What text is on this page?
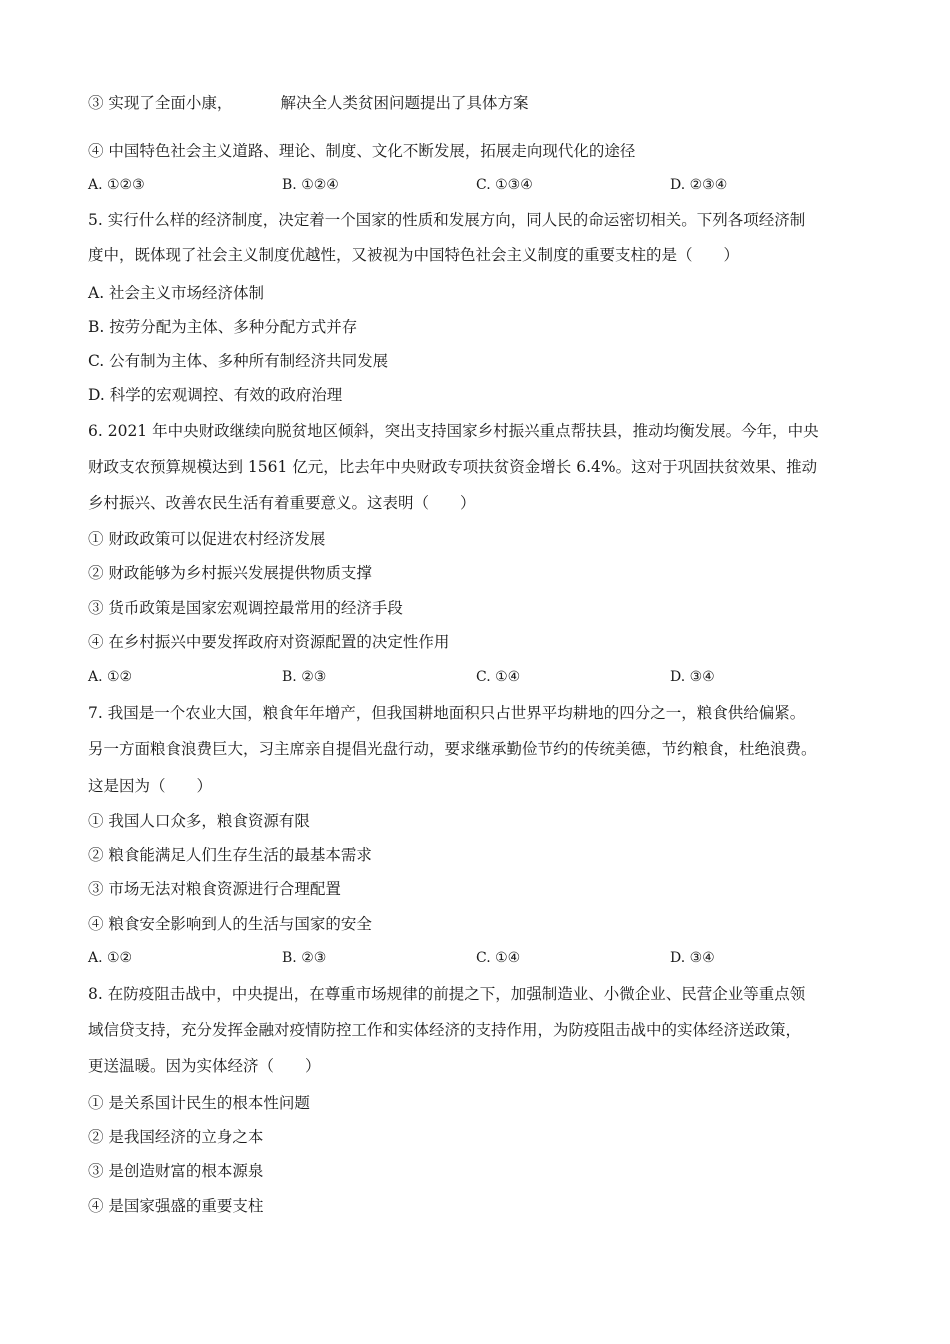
③ 实现了全面小康，	解决全人类贫困问题提出了具体方案
④ 中国特色社会主义道路、理论、制度、文化不断发展，拓展走向现代化的途径
A. ①②③	B. ①②④	C. ①③④	D. ②③④
5. 实行什么样的经济制度，决定着一个国家的性质和发展方向，同人民的命运密切相关。下列各项经济制
度中，既体现了社会主义制度优越性，又被视为中国特色社会主义制度的重要支柱的是（　　）
A. 社会主义市场经济体制
B. 按劳分配为主体、多种分配方式并存
C. 公有制为主体、多种所有制经济共同发展
D. 科学的宏观调控、有效的政府治理
6. 2021 年中央财政继续向脱贫地区倾斜，突出支持国家乡村振兴重点帮扶县，推动均衡发展。今年，中央
财政支农预算规模达到 1561 亿元，比去年中央财政专项扶贫资金增长 6.4%。这对于巩固扶贫效果、推动
乡村振兴、改善农民生活有着重要意义。这表明（　　）
① 财政政策可以促进农村经济发展
② 财政能够为乡村振兴发展提供物质支撑
③ 货币政策是国家宏观调控最常用的经济手段
④ 在乡村振兴中要发挥政府对资源配置的决定性作用
A. ①②	B. ②③	C. ①④	D. ③④
7. 我国是一个农业大国，粮食年年增产，但我国耕地面积只占世界平均耕地的四分之一，粮食供给偏紧。
另一方面粮食浪费巨大，习主席亲自提倡光盘行动，要求继承勤俭节约的传统美德，节约粮食，杜绝浪费。
这是因为（　　）
① 我国人口众多，粮食资源有限
② 粮食能满足人们生存生活的最基本需求
③ 市场无法对粮食资源进行合理配置
④ 粮食安全影响到人的生活与国家的安全
A. ①②	B. ②③	C. ①④	D. ③④
8. 在防疫阻击战中，中央提出，在尊重市场规律的前提之下，加强制造业、小微企业、民营企业等重点领
域信贷支持，充分发挥金融对疫情防控工作和实体经济的支持作用，为防疫阻击战中的实体经济送政策，
更送温暖。因为实体经济（　　）
① 是关系国计民生的根本性问题
② 是我国经济的立身之本
③ 是创造财富的根本源泉
④ 是国家强盛的重要支柱
